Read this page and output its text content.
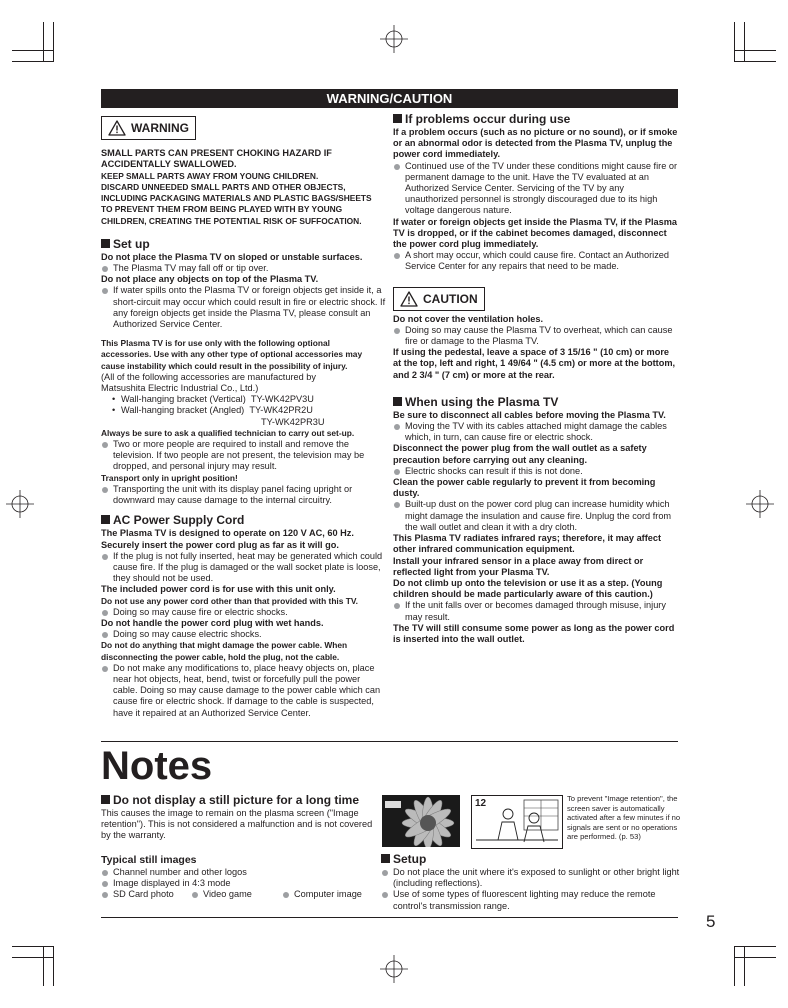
WARNING/CAUTION
WARNING
SMALL PARTS CAN PRESENT CHOKING HAZARD IF
ACCIDENTALLY SWALLOWED.
KEEP SMALL PARTS AWAY FROM YOUNG CHILDREN.
DISCARD UNNEEDED SMALL PARTS AND OTHER OBJECTS,
INCLUDING PACKAGING MATERIALS AND PLASTIC BAGS/SHEETS
TO PREVENT THEM FROM BEING PLAYED WITH BY YOUNG
CHILDREN, CREATING THE POTENTIAL RISK OF SUFFOCATION.
Set up
Do not place the Plasma TV on sloped or unstable surfaces.
The Plasma TV may fall off or tip over.
Do not place any objects on top of the Plasma TV.
If water spills onto the Plasma TV or foreign objects get inside it, a short-circuit may occur which could result in fire or electric shock. If any foreign objects get inside the Plasma TV, please consult an Authorized Service Center.
This Plasma TV is for use only with the following optional
accessories. Use with any other type of optional accessories may
cause instability which could result in the possibility of injury.
(All of the following accessories are manufactured by
Matsushita Electric Industrial Co., Ltd.)
• Wall-hanging bracket (Vertical) TY-WK42PV3U
• Wall-hanging bracket (Angled) TY-WK42PR2U
TY-WK42PR3U
Always be sure to ask a qualified technician to carry out set-up.
Two or more people are required to install and remove the television. If two people are not present, the television may be dropped, and personal injury may result.
Transport only in upright position!
Transporting the unit with its display panel facing upright or downward may cause damage to the internal circuitry.
AC Power Supply Cord
The Plasma TV is designed to operate on 120 V AC, 60 Hz.
Securely insert the power cord plug as far as it will go.
If the plug is not fully inserted, heat may be generated which could cause fire. If the plug is damaged or the wall socket plate is loose, they should not be used.
The included power cord is for use with this unit only.
Do not use any power cord other than that provided with this TV.
Doing so may cause fire or electric shocks.
Do not handle the power cord plug with wet hands.
Doing so may cause electric shocks.
Do not do anything that might damage the power cable. When disconnecting the power cable, hold the plug, not the cable.
Do not make any modifications to, place heavy objects on, place near hot objects, heat, bend, twist or forcefully pull the power cable. Doing so may cause damage to the power cable which can cause fire or electric shock. If damage to the cable is suspected, have it repaired at an Authorized Service Center.
If problems occur during use
If a problem occurs (such as no picture or no sound), or if smoke or an abnormal odor is detected from the Plasma TV, unplug the power cord immediately.
Continued use of the TV under these conditions might cause fire or permanent damage to the unit. Have the TV evaluated at an Authorized Service Center. Servicing of the TV by any unauthorized personnel is strongly discouraged due to its high voltage dangerous nature.
If water or foreign objects get inside the Plasma TV, if the Plasma TV is dropped, or if the cabinet becomes damaged, disconnect the power cord plug immediately.
A short may occur, which could cause fire. Contact an Authorized Service Center for any repairs that need to be made.
CAUTION
Do not cover the ventilation holes.
Doing so may cause the Plasma TV to overheat, which can cause fire or damage to the Plasma TV.
If using the pedestal, leave a space of 3 15/16 " (10 cm) or more at the top, left and right, 1 49/64 " (4.5 cm) or more at the bottom, and 2 3/4 " (7 cm) or more at the rear.
When using the Plasma TV
Be sure to disconnect all cables before moving the Plasma TV.
Moving the TV with its cables attached might damage the cables which, in turn, can cause fire or electric shock.
Disconnect the power plug from the wall outlet as a safety precaution before carrying out any cleaning.
Electric shocks can result if this is not done.
Clean the power cable regularly to prevent it from becoming dusty.
Built-up dust on the power cord plug can increase humidity which might damage the insulation and cause fire. Unplug the cord from the wall outlet and clean it with a dry cloth.
This Plasma TV radiates infrared rays; therefore, it may affect other infrared communication equipment.
Install your infrared sensor in a place away from direct or reflected light from your Plasma TV.
Do not climb up onto the television or use it as a step. (Young children should be made particularly aware of this caution.)
If the unit falls over or becomes damaged through misuse, injury may result.
The TV will still consume some power as long as the power cord is inserted into the wall outlet.
Notes
Do not display a still picture for a long time
This causes the image to remain on the plasma screen ("Image retention"). This is not considered a malfunction and is not covered by the warranty.
Typical still images
Channel number and other logos
Image displayed in 4:3 mode
SD Card photo	Video game	Computer image
12	To prevent "Image retention", the screen saver is automatically activated after a few minutes if no signals are sent or no operations are performed. (p. 53)
Setup
Do not place the unit where it's exposed to sunlight or other bright light (including reflections).
Use of some types of fluorescent lighting may reduce the remote control's transmission range.
5
